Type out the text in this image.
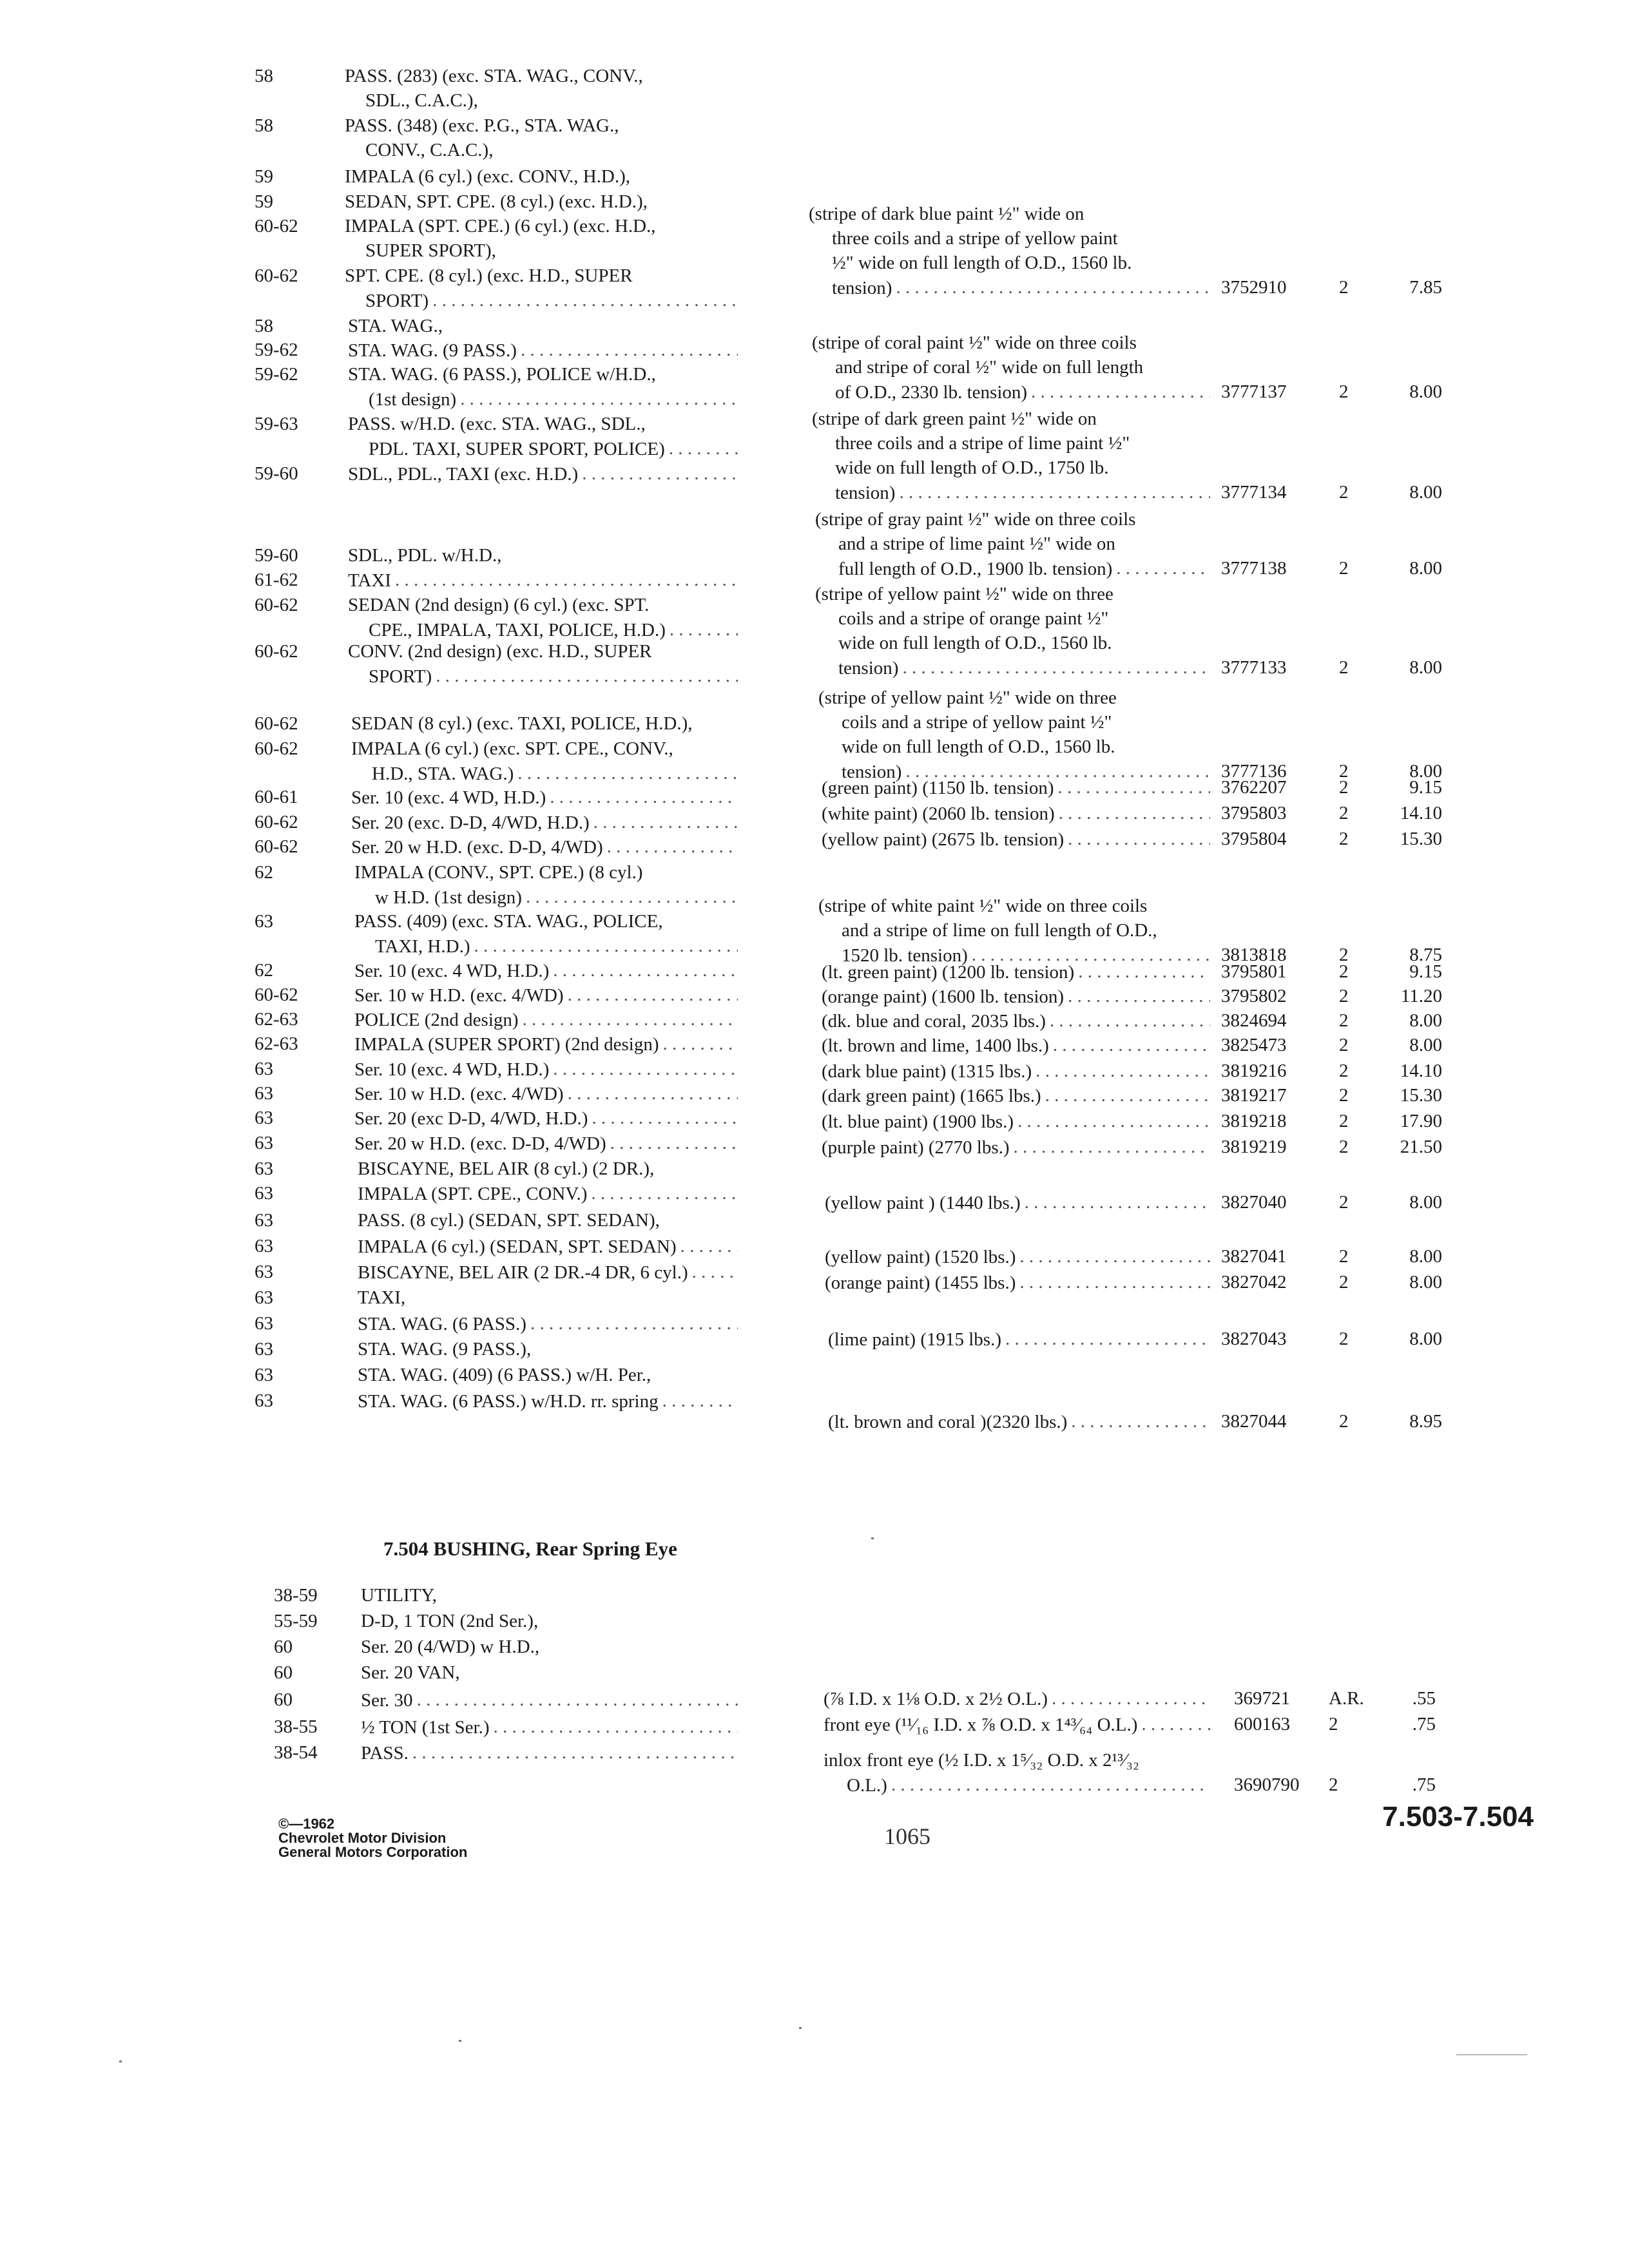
58	PASS. (283) (exc. STA. WAG., CONV.,
SDL., C.A.C.),
58	PASS. (348) (exc. P.G., STA. WAG.,
CONV., C.A.C.),
59	IMPALA (6 cyl.) (exc. CONV., H.D.),
59	SEDAN, SPT. CPE. (8 cyl.) (exc. H.D.),
60-62 IMPALA (SPT. CPE.) (6 cyl.) (exc. H.D.,
SUPER SPORT),
60-62 SPT. CPE. (8 cyl.) (exc. H.D., SUPER
SPORT). . .
58	STA. WAG.,
59-62	STA. WAG. (9 PASS.). . .
59-62	STA. WAG. (6 PASS.), POLICE w/H.D.,
(1st design). . .
59-63	PASS. w/H.D. (exc. STA. WAG., SDL.,
PDL. TAXI, SUPER SPORT, POLICE). . .
59-60	SDL., PDL., TAXI (exc. H.D.). . .
59-60	SDL., PDL. w/H.D.,
61-62	TAXI. . .
60-62	SEDAN (2nd design) (6 cyl.) (exc. SPT.
CPE., IMPALA, TAXI, POLICE, H.D.). . .
60-62	CONV. (2nd design) (exc. H.D., SUPER
SPORT). . .
60-62	SEDAN (8 cyl.) (exc. TAXI, POLICE, H.D.),
60-62	IMPALA (6 cyl.) (exc. SPT. CPE., CONV.,
H.D., STA. WAG.). . .
60-61	Ser. 10 (exc. 4 WD, H.D.). . .
60-62	Ser. 20 (exc. D-D, 4/WD, H.D.). . .
60-62	Ser. 20 w H.D. (exc. D-D, 4/WD). . .
62	IMPALA (CONV., SPT. CPE.) (8 cyl.)
w H.D. (1st design). . .
63	PASS. (409) (exc. STA. WAG., POLICE,
TAXI, H.D.). . .
62	Ser. 10 (exc. 4 WD, H.D.). . .
60-62	Ser. 10 w H.D. (exc. 4/WD). . .
62-63	POLICE (2nd design). . .
62-63	IMPALA (SUPER SPORT) (2nd design). . .
63	Ser. 10 (exc. 4 WD, H.D.). . .
63	Ser. 10 w H.D. (exc. 4/WD). . .
63	Ser. 20 (exc D-D, 4/WD, H.D.). . .
63	Ser. 20 w H.D. (exc. D-D, 4/WD). . .
63	BISCAYNE, BEL AIR (8 cyl.) (2 DR.),
63	IMPALA (SPT. CPE., CONV.). . .
63	PASS. (8 cyl.) (SEDAN, SPT. SEDAN),
63	IMPALA (6 cyl.) (SEDAN, SPT. SEDAN). . .
63	BISCAYNE, BEL AIR (2 DR.-4 DR, 6 cyl.). . .
63	TAXI,
63	STA. WAG. (6 PASS.). . .
63	STA. WAG. (9 PASS.),
63	STA. WAG. (409) (6 PASS.) w/H. Per.,
63	STA. WAG. (6 PASS.) w/H.D. rr. spring. . .
(stripe of dark blue paint ½" wide on
three coils and a stripe of yellow paint
½" wide on full length of O.D., 1560 lb.
tension) . . .	3752910	2	7.85
(stripe of coral paint ½" wide on three coils
and stripe of coral ½" wide on full length
of O.D., 2330 lb. tension) . . .	3777137	2	8.00
(stripe of dark green paint ½" wide on
three coils and a stripe of lime paint ½"
wide on full length of O.D., 1750 lb.
tension) . . .	3777134	2	8.00
(stripe of gray paint ½" wide on three coils
and a stripe of lime paint ½" wide on
full length of O.D., 1900 lb. tension) . . .	3777138	2	8.00
(stripe of yellow paint ½" wide on three
coils and a stripe of orange paint ½"
wide on full length of O.D., 1560 lb.
tension) . . .	3777133	2	8.00
(stripe of yellow paint ½" wide on three
coils and a stripe of yellow paint ½"
wide on full length of O.D., 1560 lb.
tension) . . .	3777136	2	8.00
(green paint) (1150 lb. tension) . . .	3762207	2	9.15
(white paint) (2060 lb. tension) . . .	3795803	2	14.10
(yellow paint) (2675 lb. tension) . . .	3795804	2	15.30
(stripe of white paint ½" wide on three coils
and a stripe of lime on full length of O.D.,
1520 lb. tension) . . .	3813818	2	8.75
(lt. green paint) (1200 lb. tension) . . .	3795801	2	9.15
(orange paint) (1600 lb. tension) . . .	3795802	2	11.20
(dk. blue and coral, 2035 lbs.) . . .	3824694	2	8.00
(lt. brown and lime, 1400 lbs.) . . .	3825473	2	8.00
(dark blue paint) (1315 lbs.) . . .	3819216	2	14.10
(dark green paint) (1665 lbs.) . . .	3819217	2	15.30
(lt. blue paint) (1900 lbs.) . . .	3819218	2	17.90
(purple paint) (2770 lbs.) . . .	3819219	2	21.50
(yellow paint ) (1440 lbs.) . . .	3827040	2	8.00
(yellow paint) (1520 lbs.) . . .	3827041	2	8.00
(orange paint) (1455 lbs.) . . .	3827042	2	8.00
(lime paint) (1915 lbs.) . . .	3827043	2	8.00
(lt. brown and coral )(2320 lbs.) . . .	3827044	2	8.95
7.504 BUSHING, Rear Spring Eye
38-59 UTILITY,
55-59 D-D, 1 TON (2nd Ser.),
60	Ser. 20 (4/WD) w H.D.,
60	Ser. 20 VAN,
60	Ser. 30. . .
38-55 ½ TON (1st Ser.). . .
38-54 PASS.. . .
(⅞ I.D. x 1⅛ O.D. x 2½ O.L.) . . .	369721 A.R.	.55
front eye (¹¹⁄₁₆ I.D. x ⅞ O.D. x 1⁴³⁄₆₄ O.L.) . . .	600163 2	.75
inlox front eye (½ I.D. x 1⁵⁄₃₂ O.D. x 2¹³⁄₃₂
O.L.) . . .	3690790 2	.75
©—1962
Chevrolet Motor Division
General Motors Corporation
1065
7.503-7.504
